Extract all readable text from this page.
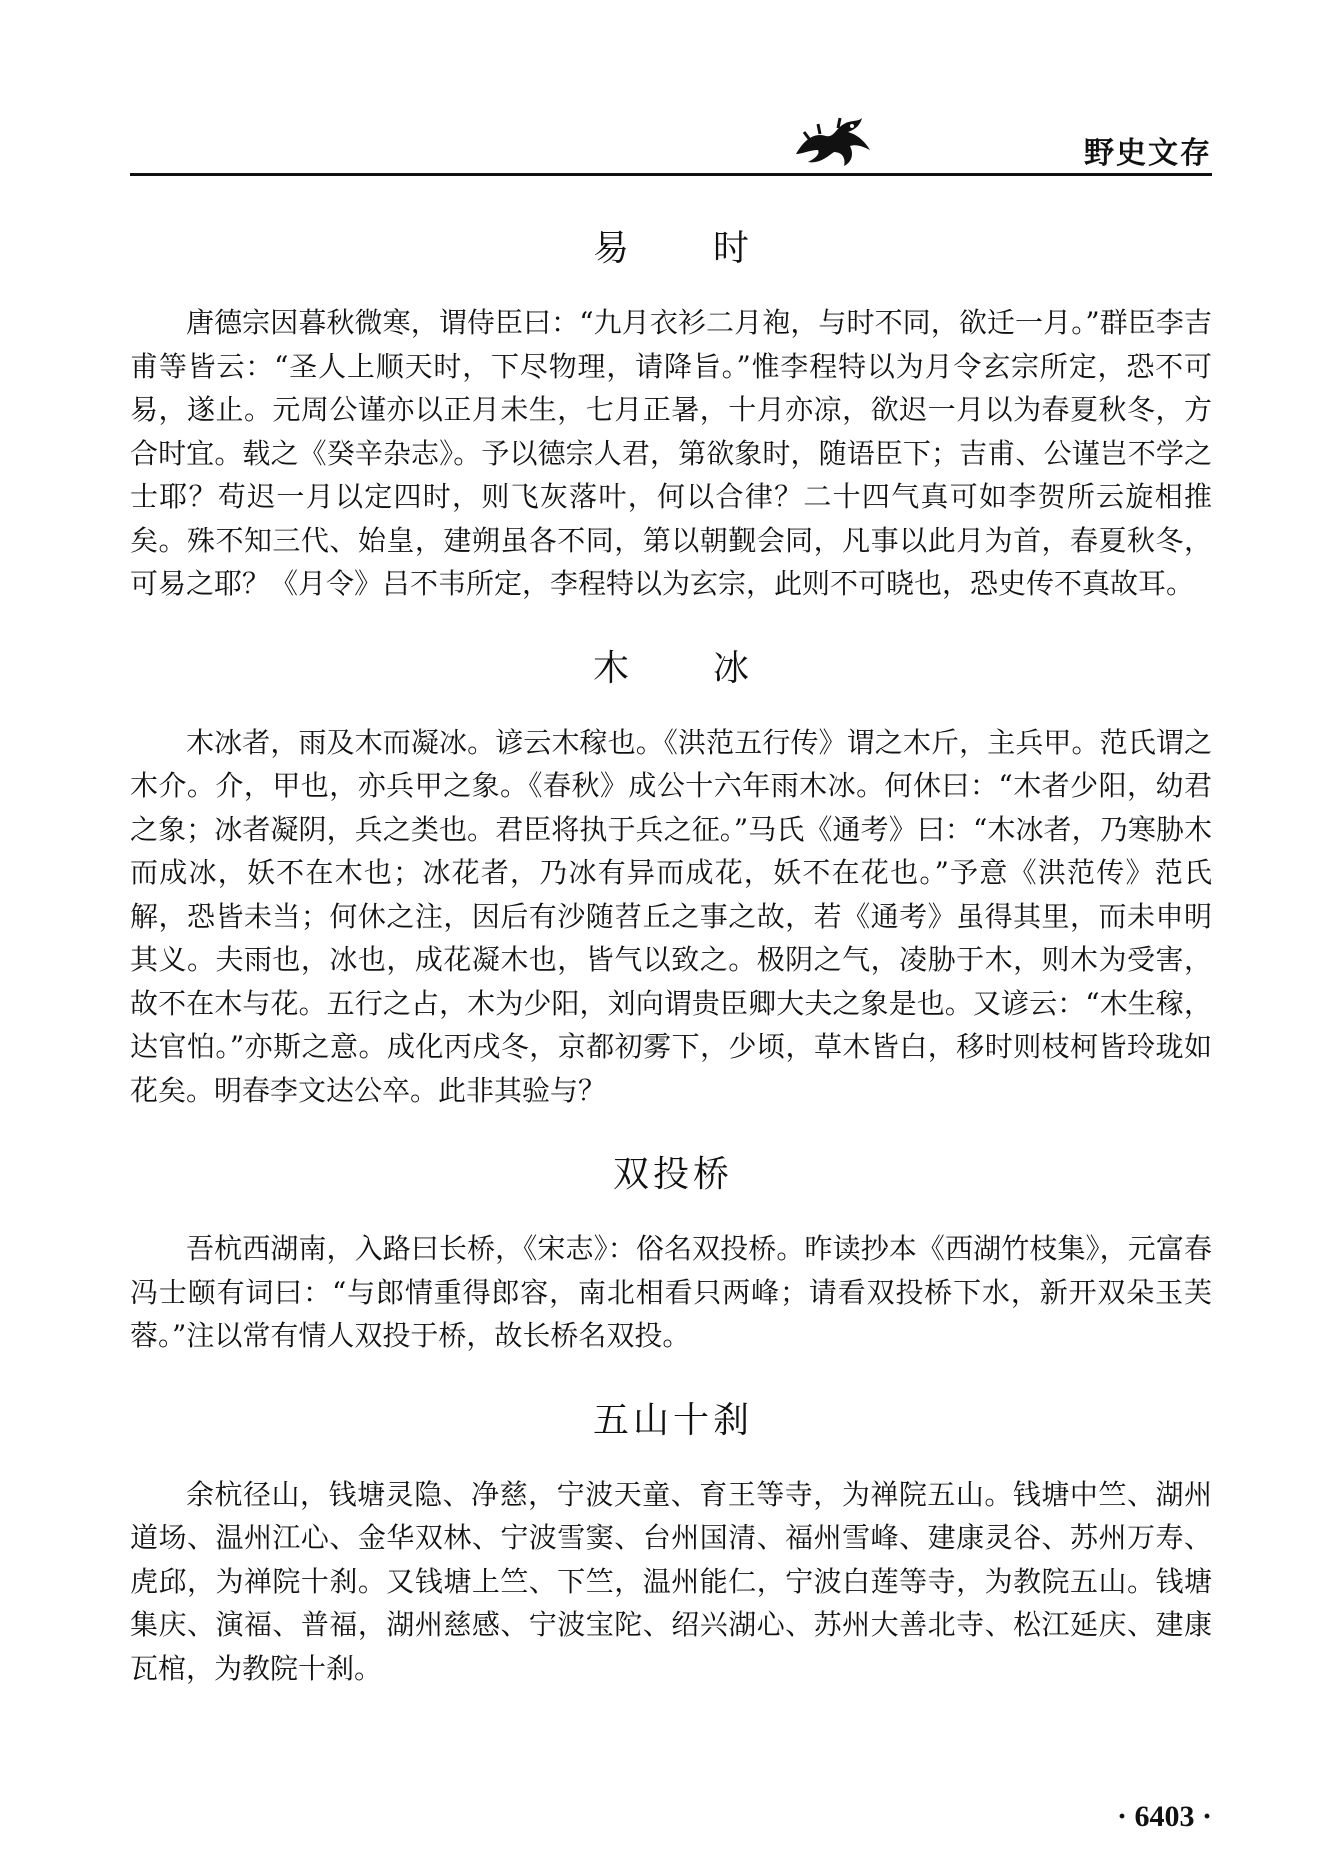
野史文存
易　时

唐德宗因暮秋微寒，谓侍臣曰：“九月衣衫二月袍，与时不同，欲迁一月。”群臣李吉甫等皆云：“圣人上顺天时，下尽物理，请降旨。”惟李程特以为月令玄宗所定，恐不可易，遂止。元周公谨亦以正月未生，七月正暑，十月亦凉，欲迟一月以为春夏秋冬，方合时宜。载之《癸辛杂志》。予以德宗人君，第欲象时，随语臣下；吉甫、公谨岂不学之士耶？苟迟一月以定四时，则飞灰落叶，何以合律？二十四气真可如李贺所云旋相推矣。殊不知三代、始皇，建朔虽各不同，第以朝觐会同，凡事以此月为首，春夏秋冬，可易之耶？《月令》吕不韦所定，李程特以为玄宗，此则不可晓也，恐史传不真故耳。

木　冰

木冰者，雨及木而凝冰。谚云木稼也。《洪范五行传》谓之木斤，主兵甲。范氏谓之木介。介，甲也，亦兵甲之象。《春秋》成公十六年雨木冰。何休曰：“木者少阳，幼君之象；冰者凝阴，兵之类也。君臣将执于兵之征。”马氏《通考》曰：“木冰者，乃寒胁木而成冰，妖不在木也；冰花者，乃冰有异而成花，妖不在花也。”予意《洪范传》范氏解，恐皆未当；何休之注，因后有沙随苕丘之事之故，若《通考》虽得其里，而未申明其义。夫雨也，冰也，成花凝木也，皆气以致之。极阴之气，凌胁于木，则木为受害，故不在木与花。五行之占，木为少阳，刘向谓贵臣卿大夫之象是也。又谚云：“木生稼，达官怕。”亦斯之意。成化丙戌冬，京都初雾下，少顷，草木皆白，移时则枝柯皆玲珑如花矣。明春李文达公卒。此非其验与？

双投桥

吾杭西湖南，入路曰长桥，《宋志》：俗名双投桥。昨读抄本《西湖竹枝集》，元富春冯士颐有词曰：“与郎情重得郎容，南北相看只两峰；请看双投桥下水，新开双朵玉芙蓉。”注以常有情人双投于桥，故长桥名双投。

五山十刹

余杭径山，钱塘灵隐、净慈，宁波天童、育王等寺，为禅院五山。钱塘中竺、湖州道场、温州江心、金华双林、宁波雪窦、台州国清、福州雪峰、建康灵谷、苏州万寿、虎邱，为禅院十刹。又钱塘上竺、下竺，温州能仁，宁波白莲等寺，为教院五山。钱塘集庆、演福、普福，湖州慈感、宁波宝陀、绍兴湖心、苏州大善北寺、松江延庆、建康瓦棺，为教院十刹。

· 6403 ·
